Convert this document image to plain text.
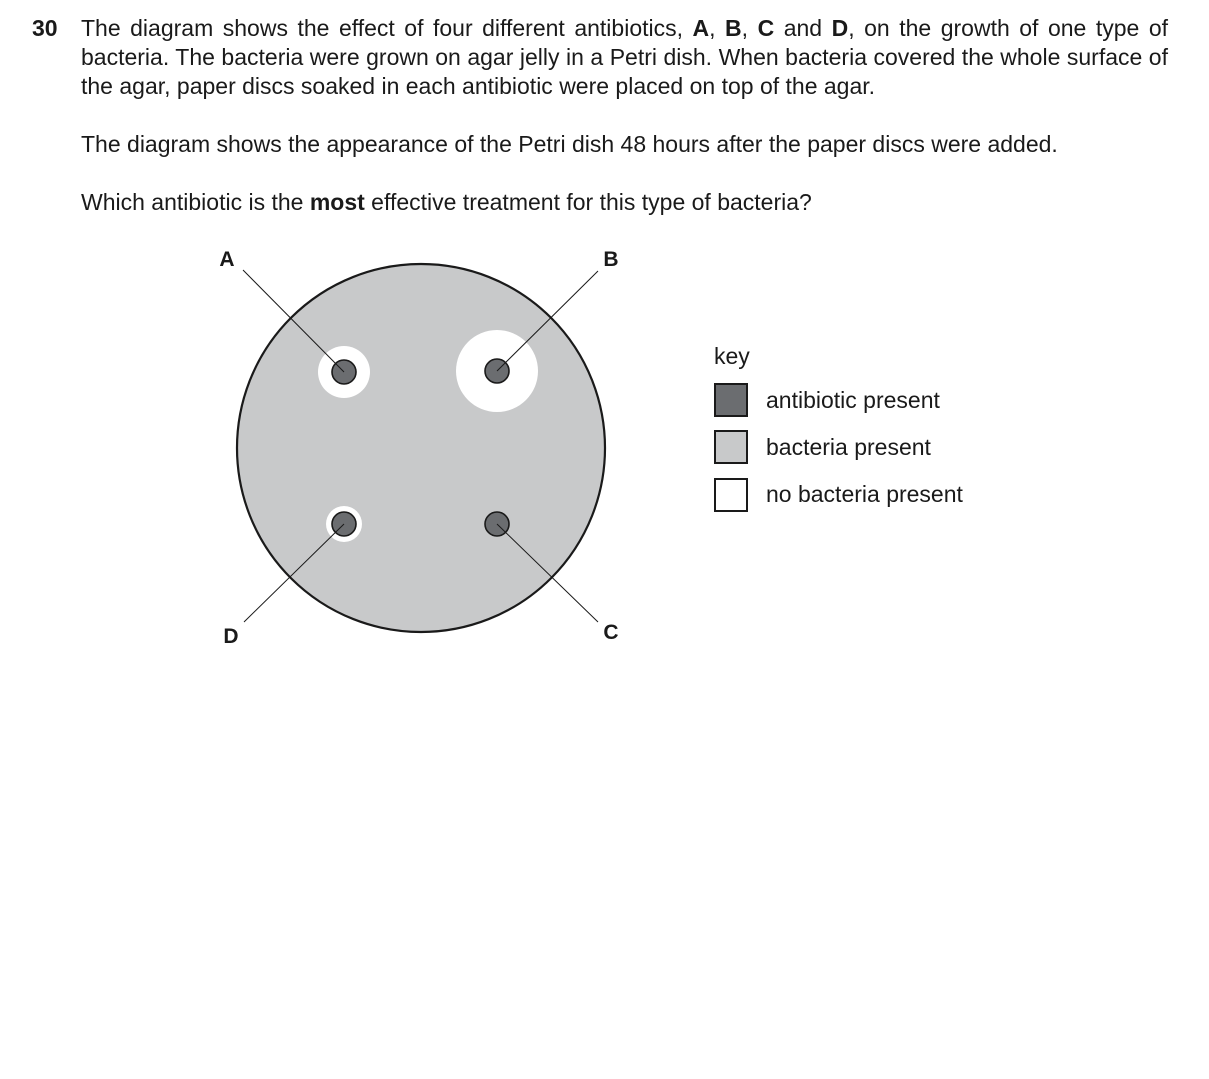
30 The diagram shows the effect of four different antibiotics, A, B, C and D, on the growth of one type of bacteria. The bacteria were grown on agar jelly in a Petri dish. When bacteria covered the whole surface of the agar, paper discs soaked in each antibiotic were placed on top of the agar.

The diagram shows the appearance of the Petri dish 48 hours after the paper discs were added.

Which antibiotic is the most effective treatment for this type of bacteria?

A	B
C
D
key
antibiotic present
bacteria present
no bacteria present
